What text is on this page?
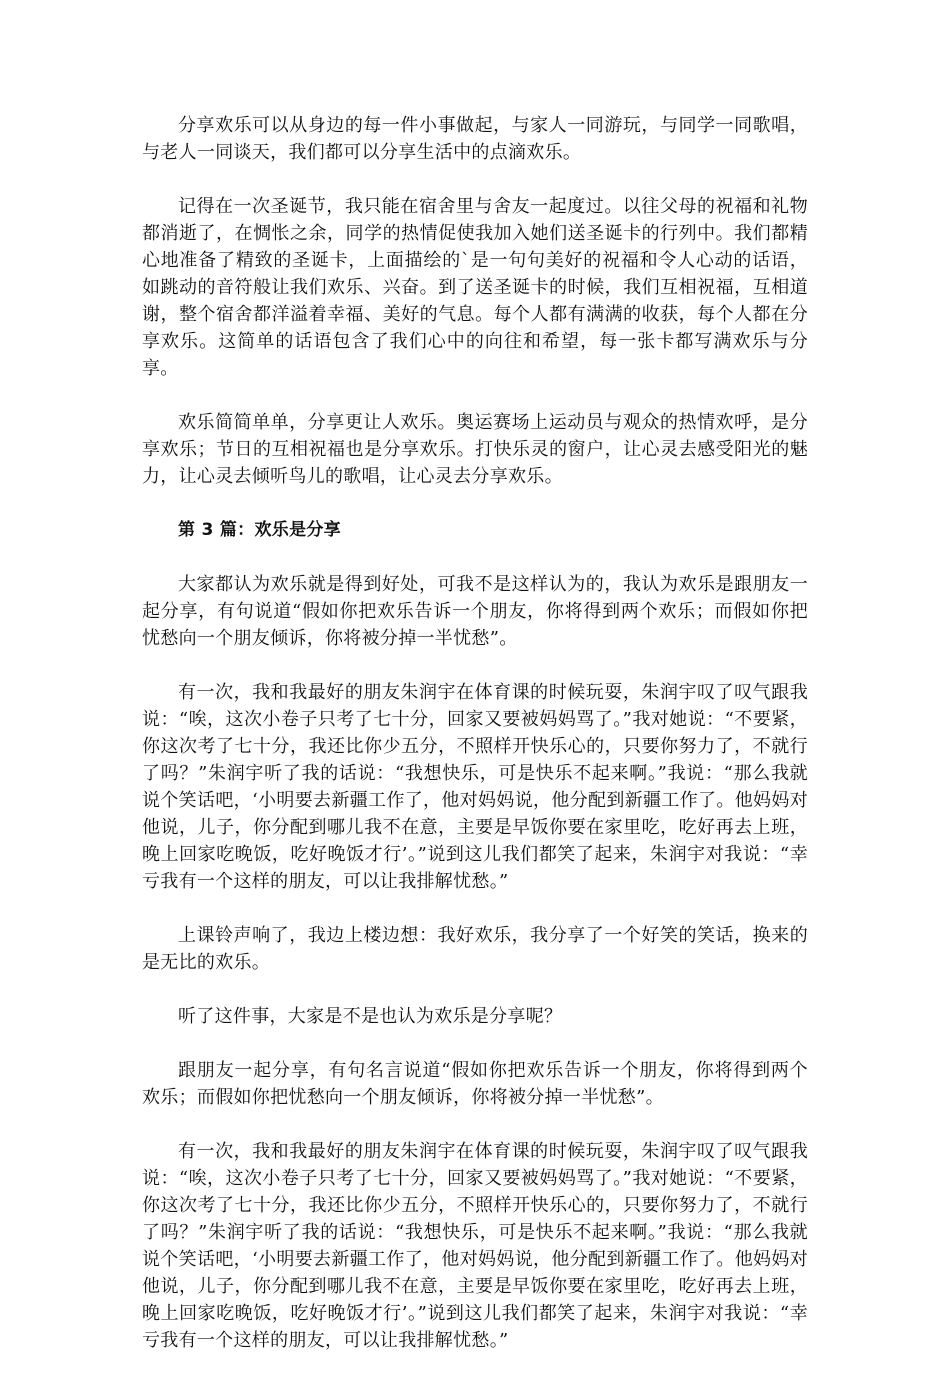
分享欢乐可以从身边的每一件小事做起，与家人一同游玩，与同学一同歌唱，与老人一同谈天，我们都可以分享生活中的点滴欢乐。

记得在一次圣诞节，我只能在宿舍里与舍友一起度过。以往父母的祝福和礼物都消逝了，在惆怅之余，同学的热情促使我加入她们送圣诞卡的行列中。我们都精心地准备了精致的圣诞卡，上面描绘的`是一句句美好的祝福和令人心动的话语，如跳动的音符般让我们欢乐、兴奋。到了送圣诞卡的时候，我们互相祝福，互相道谢，整个宿舍都洋溢着幸福、美好的气息。每个人都有满满的收获，每个人都在分享欢乐。这简单的话语包含了我们心中的向往和希望，每一张卡都写满欢乐与分享。

欢乐简简单单，分享更让人欢乐。奥运赛场上运动员与观众的热情欢呼，是分享欢乐；节日的互相祝福也是分享欢乐。打快乐灵的窗户，让心灵去感受阳光的魅力，让心灵去倾听鸟儿的歌唱，让心灵去分享欢乐。

第 3 篇：欢乐是分享

大家都认为欢乐就是得到好处，可我不是这样认为的，我认为欢乐是跟朋友一起分享，有句说道“假如你把欢乐告诉一个朋友，你将得到两个欢乐；而假如你把忧愁向一个朋友倾诉，你将被分掉一半忧愁”。

有一次，我和我最好的朋友朱润宇在体育课的时候玩耍，朱润宇叹了叹气跟我说：“唉，这次小卷子只考了七十分，回家又要被妈妈骂了。”我对她说：“不要紧，你这次考了七十分，我还比你少五分，不照样开快乐心的，只要你努力了，不就行了吗？”朱润宇听了我的话说：“我想快乐，可是快乐不起来啊。”我说：“那么我就说个笑话吧，‘小明要去新疆工作了，他对妈妈说，他分配到新疆工作了。他妈妈对他说，儿子，你分配到哪儿我不在意，主要是早饭你要在家里吃，吃好再去上班，晚上回家吃晚饭，吃好晚饭才行’。”说到这儿我们都笑了起来，朱润宇对我说：“幸亏我有一个这样的朋友，可以让我排解忧愁。”

上课铃声响了，我边上楼边想：我好欢乐，我分享了一个好笑的笑话，换来的是无比的欢乐。

听了这件事，大家是不是也认为欢乐是分享呢？

跟朋友一起分享，有句名言说道“假如你把欢乐告诉一个朋友，你将得到两个欢乐；而假如你把忧愁向一个朋友倾诉，你将被分掉一半忧愁”。

有一次，我和我最好的朋友朱润宇在体育课的时候玩耍，朱润宇叹了叹气跟我说：“唉，这次小卷子只考了七十分，回家又要被妈妈骂了。”我对她说：“不要紧，你这次考了七十分，我还比你少五分，不照样开快乐心的，只要你努力了，不就行了吗？”朱润宇听了我的话说：“我想快乐，可是快乐不起来啊。”我说：“那么我就说个笑话吧，‘小明要去新疆工作了，他对妈妈说，他分配到新疆工作了。他妈妈对他说，儿子，你分配到哪儿我不在意，主要是早饭你要在家里吃，吃好再去上班，晚上回家吃晚饭，吃好晚饭才行’。”说到这儿我们都笑了起来，朱润宇对我说：“幸亏我有一个这样的朋友，可以让我排解忧愁。”
